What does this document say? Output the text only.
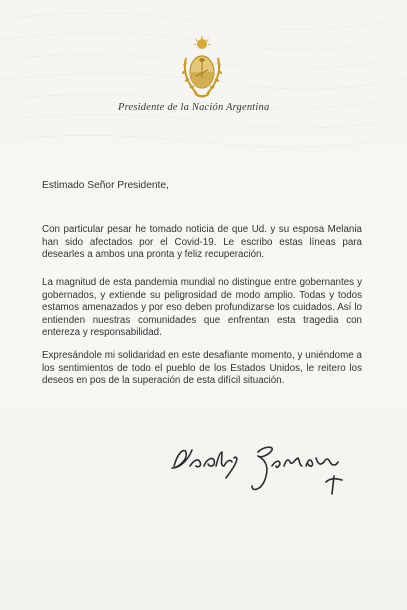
Presidente de la Nación Argentina
Estimado Señor Presidente,
Con particular pesar he tomado noticia de que Ud. y su esposa Melania han sido afectados por el Covid-19. Le escribo estas líneas para desearles a ambos una pronta y feliz recuperación.
La magnitud de esta pandemia mundial no distingue entre gobernantes y gobernados, y extiende su peligrosidad de modo amplio. Todas y todos estamos amenazados y por eso deben profundizarse los cuidados. Así lo entienden nuestras comunidades que enfrentan esta tragedia con entereza y responsabilidad.
Expresándole mi solidaridad en este desafiante momento, y uniéndome a los sentimientos de todo el pueblo de los Estados Unidos, le reitero los deseos en pos de la superación de esta difícil situación.
